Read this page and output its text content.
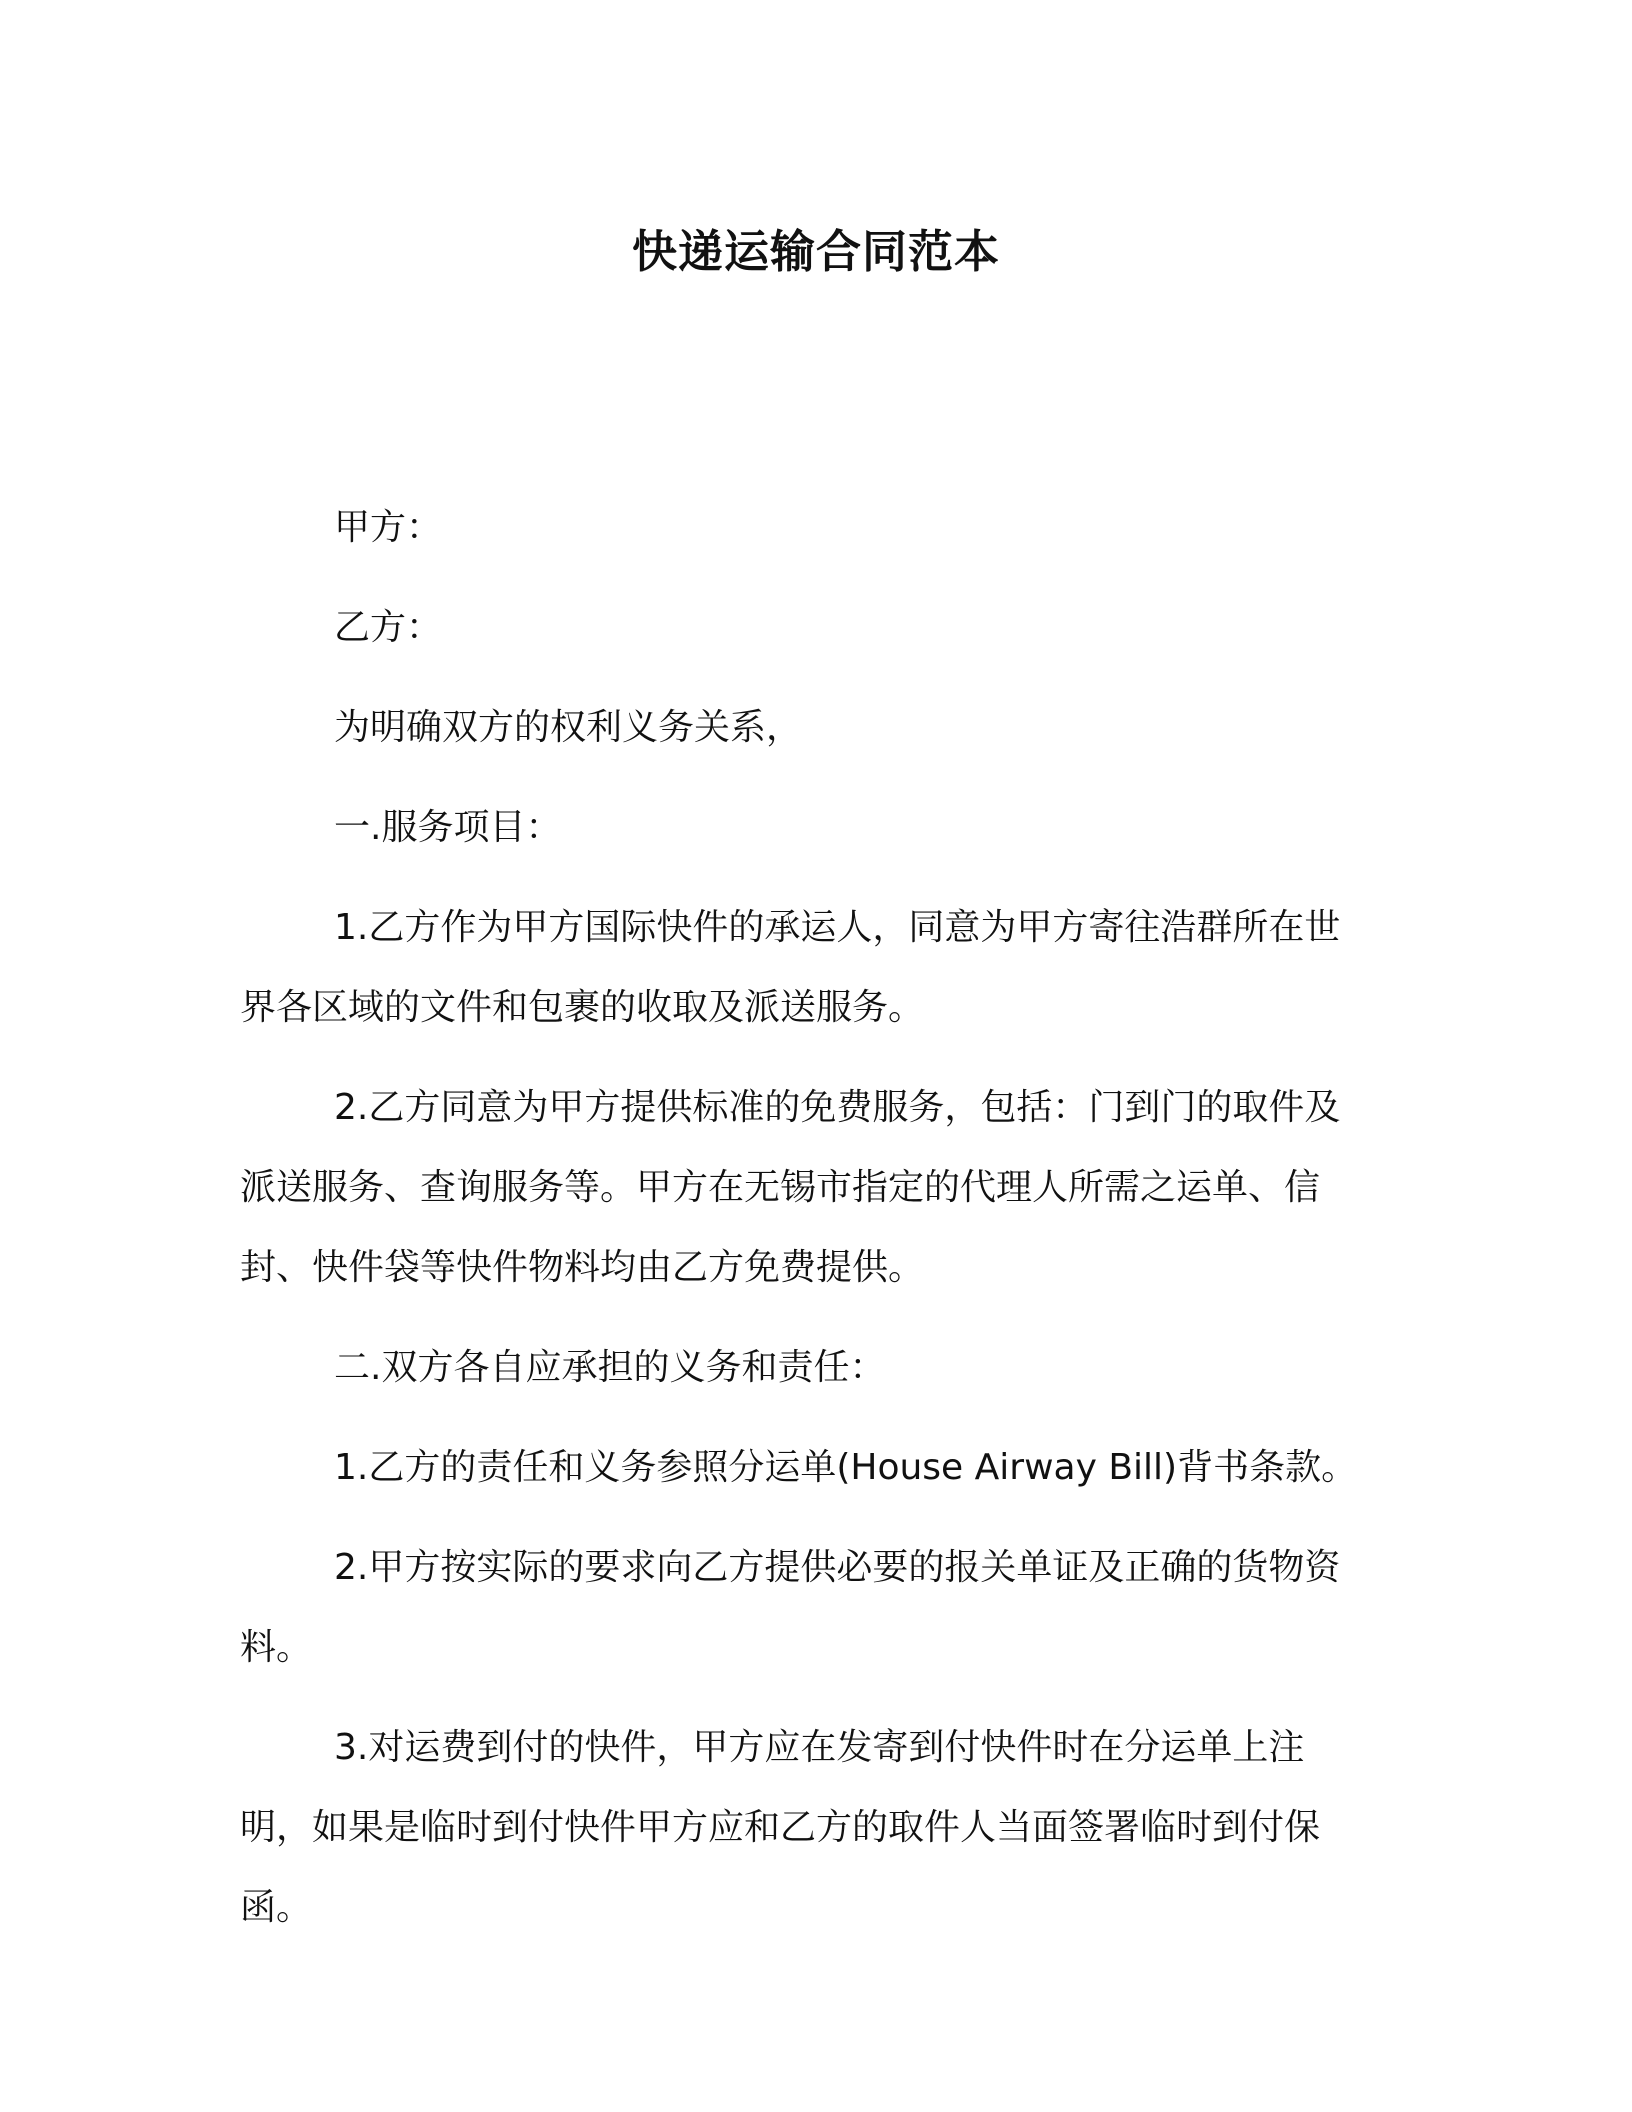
快递运输合同范本

甲方：

乙方：

为明确双方的权利义务关系，

一.服务项目：

1.乙方作为甲方国际快件的承运人，同意为甲方寄往浩群所在世界各区域的文件和包裹的收取及派送服务。

2.乙方同意为甲方提供标准的免费服务，包括：门到门的取件及派送服务、查询服务等。甲方在无锡市指定的代理人所需之运单、信封、快件袋等快件物料均由乙方免费提供。

二.双方各自应承担的义务和责任：

1.乙方的责任和义务参照分运单(House Airway Bill)背书条款。

2.甲方按实际的要求向乙方提供必要的报关单证及正确的货物资料。

3.对运费到付的快件，甲方应在发寄到付快件时在分运单上注明，如果是临时到付快件甲方应和乙方的取件人当面签署临时到付保函。
